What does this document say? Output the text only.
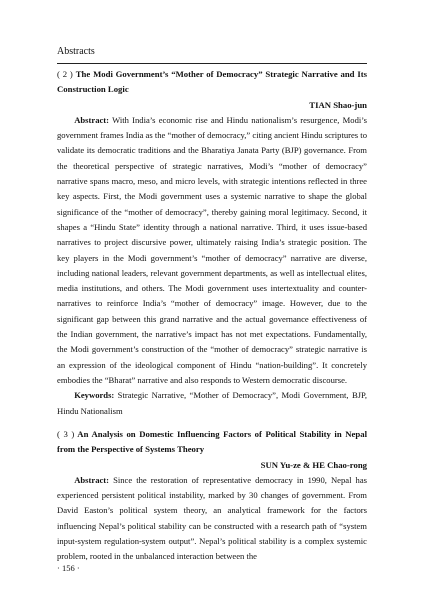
Abstracts
( 2 ) The Modi Government’s “Mother of Democracy” Strategic Narrative and Its Construction Logic
TIAN Shao-jun

Abstract: With India’s economic rise and Hindu nationalism’s resurgence, Modi’s government frames India as the “mother of democracy,” citing ancient Hindu scriptures to validate its democratic traditions and the Bharatiya Janata Party (BJP) governance. From the theoretical perspective of strategic narratives, Modi’s “mother of democracy” narrative spans macro, meso, and micro levels, with strategic intentions reflected in three key aspects. First, the Modi government uses a systemic narrative to shape the global significance of the “mother of democracy”, thereby gaining moral legitimacy. Second, it shapes a “Hindu State” identity through a national narrative. Third, it uses issue-based narratives to project discursive power, ultimately raising India’s strategic position. The key players in the Modi government’s “mother of democracy” narrative are diverse, including national leaders, relevant government departments, as well as intellectual elites, media institutions, and others. The Modi government uses intertextuality and counter-narratives to reinforce India’s “mother of democracy” image. However, due to the significant gap between this grand narrative and the actual governance effectiveness of the Indian government, the narrative’s impact has not met expectations. Fundamentally, the Modi government’s construction of the “mother of democracy” strategic narrative is an expression of the ideological component of Hindu “nation-building”. It concretely embodies the “Bharat” narrative and also responds to Western democratic discourse.

Keywords: Strategic Narrative, “Mother of Democracy”, Modi Government, BJP, Hindu Nationalism

( 3 ) An Analysis on Domestic Influencing Factors of Political Stability in Nepal from the Perspective of Systems Theory
SUN Yu-ze & HE Chao-rong

Abstract: Since the restoration of representative democracy in 1990, Nepal has experienced persistent political instability, marked by 30 changes of government. From David Easton’s political system theory, an analytical framework for the factors influencing Nepal’s political stability can be constructed with a research path of “system input-system regulation-system output”. Nepal’s political stability is a complex systemic problem, rooted in the unbalanced interaction between the

· 156 ·
